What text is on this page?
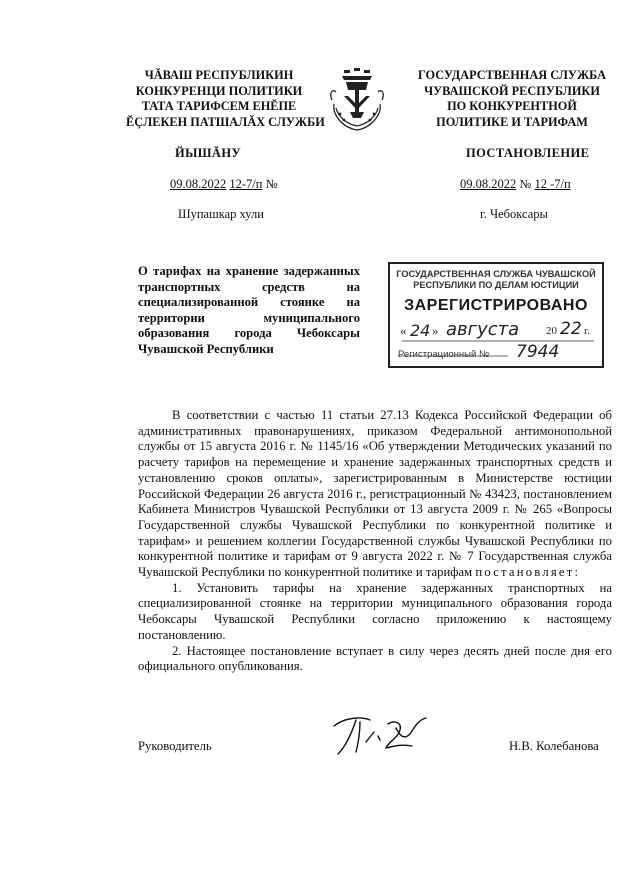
ЧĂВАШ РЕСПУБЛИКИН
КОНКУРЕНЦИ ПОЛИТИКИ
ТАТА ТАРИФСЕМ ЕНĔПЕ
ĔÇЛЕКЕН ПАТШАЛĂХ СЛУЖБИ
ГОСУДАРСТВЕННАЯ СЛУЖБА
ЧУВАШСКОЙ РЕСПУБЛИКИ
ПО КОНКУРЕНТНОЙ
ПОЛИТИКЕ И ТАРИФАМ
ЙЫШĂНУ	ПОСТАНОВЛЕНИЕ
09.08.2022 12-7/п №	09.08.2022 № 12 -7/п
Шупашкар хули	г. Чебоксары
О тарифах на хранение задержанных транспортных средств на специализированной стоянке на территории муниципального образования города Чебоксары Чувашской Республики
ГОСУДАРСТВЕННАЯ СЛУЖБА ЧУВАШСКОЙ
РЕСПУБЛИКИ ПО ДЕЛАМ ЮСТИЦИИ
ЗАРЕГИСТРИРОВАНО
« 24 » августа 20 22 г.
Регистрационный № 7944

В соответствии с частью 11 статьи 27.13 Кодекса Российской Федерации об административных правонарушениях, приказом Федеральной антимонопольной службы от 15 августа 2016 г. № 1145/16 «Об утверждении Методических указаний по расчету тарифов на перемещение и хранение задержанных транспортных средств и установлению сроков оплаты», зарегистрированным в Министерстве юстиции Российской Федерации 26 августа 2016 г., регистрационный № 43423, постановлением Кабинета Министров Чувашской Республики от 13 августа 2009 г. № 265 «Вопросы Государственной службы Чувашской Республики по конкурентной политике и тарифам» и решением коллегии Государственной службы Чувашской Республики по конкурентной политике и тарифам от 9 августа 2022 г. № 7 Государственная служба Чувашской Республики по конкурентной политике и тарифам постановляет:

1. Установить тарифы на хранение задержанных транспортных на специализированной стоянке на территории муниципального образования города Чебоксары Чувашской Республики согласно приложению к настоящему постановлению.

2. Настоящее постановление вступает в силу через десять дней после дня его официального опубликования.

Руководитель	Н.В. Колебанова
